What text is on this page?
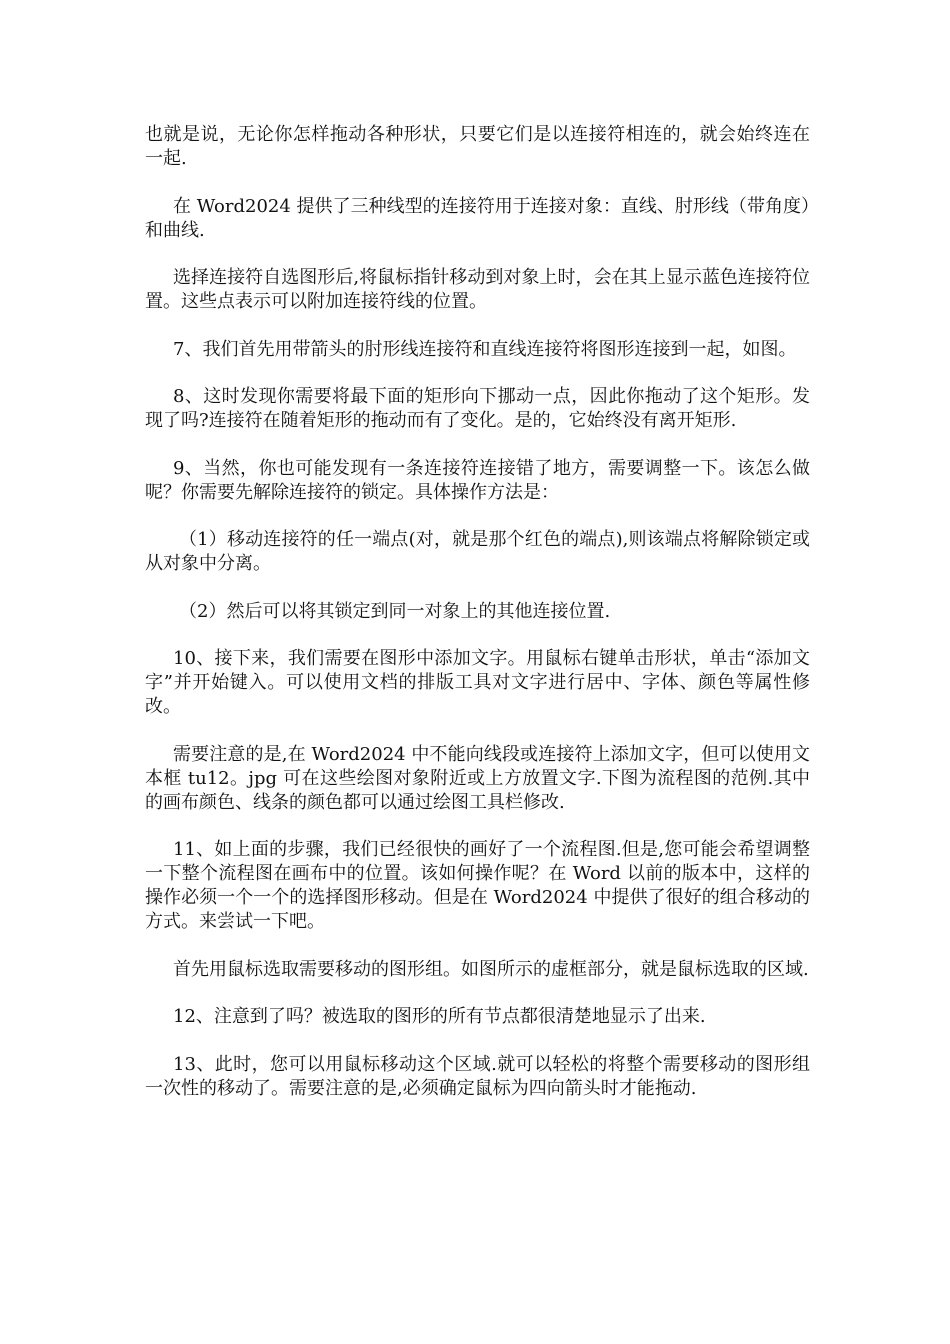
也就是说，无论你怎样拖动各种形状，只要它们是以连接符相连的，就会始终连在一起.

在 Word2024 提供了三种线型的连接符用于连接对象：直线、肘形线（带角度）和曲线.

选择连接符自选图形后,将鼠标指针移动到对象上时，会在其上显示蓝色连接符位置。这些点表示可以附加连接符线的位置。

7、我们首先用带箭头的肘形线连接符和直线连接符将图形连接到一起，如图。

8、这时发现你需要将最下面的矩形向下挪动一点，因此你拖动了这个矩形。发现了吗?连接符在随着矩形的拖动而有了变化。是的，它始终没有离开矩形.

9、当然，你也可能发现有一条连接符连接错了地方，需要调整一下。该怎么做呢？你需要先解除连接符的锁定。具体操作方法是：

（1）移动连接符的任一端点(对，就是那个红色的端点),则该端点将解除锁定或从对象中分离。

（2）然后可以将其锁定到同一对象上的其他连接位置.

10、接下来，我们需要在图形中添加文字。用鼠标右键单击形状，单击“添加文字”并开始键入。可以使用文档的排版工具对文字进行居中、字体、颜色等属性修改。

需要注意的是,在 Word2024 中不能向线段或连接符上添加文字，但可以使用文本框 tu12。jpg 可在这些绘图对象附近或上方放置文字.下图为流程图的范例.其中的画布颜色、线条的颜色都可以通过绘图工具栏修改.

11、如上面的步骤，我们已经很快的画好了一个流程图.但是,您可能会希望调整一下整个流程图在画布中的位置。该如何操作呢？在 Word 以前的版本中，这样的操作必须一个一个的选择图形移动。但是在 Word2024 中提供了很好的组合移动的方式。来尝试一下吧。

首先用鼠标选取需要移动的图形组。如图所示的虚框部分，就是鼠标选取的区域.

12、注意到了吗？被选取的图形的所有节点都很清楚地显示了出来.

13、此时，您可以用鼠标移动这个区域.就可以轻松的将整个需要移动的图形组一次性的移动了。需要注意的是,必须确定鼠标为四向箭头时才能拖动.
